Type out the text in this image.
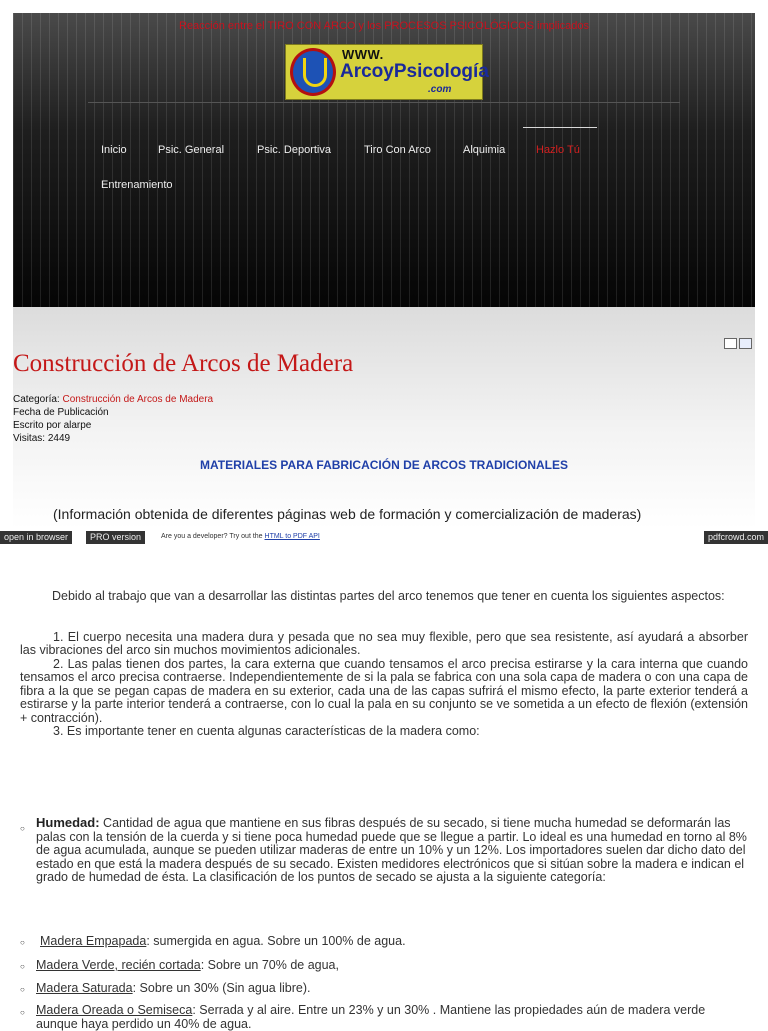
Reacción entre el TIRO CON ARCO y los PROCESOS PSICOLÓGICOS implicados
WWW.
ArcoyPsicología
.com
Inicio	Psic. General	Psic. Deportiva	Tiro Con Arco	Alquimia	Hazlo Tú
Entrenamiento
Construcción de Arcos de Madera
Categoría: Construcción de Arcos de Madera
Fecha de Publicación
Escrito por alarpe
Visitas: 2449
MATERIALES PARA FABRICACIÓN DE ARCOS TRADICIONALES
(Información obtenida de diferentes páginas web de formación y comercialización de maderas)
open in browser	PRO version	Are you a developer? Try out the HTML to PDF API	pdfcrowd.com

Debido al trabajo que van a desarrollar las distintas partes del arco tenemos que tener en cuenta los siguientes aspectos:

1. El cuerpo necesita una madera dura y pesada que no sea muy flexible, pero que sea resistente, así ayudará a absorber las vibraciones del arco sin muchos movimientos adicionales.

2. Las palas tienen dos partes, la cara externa que cuando tensamos el arco precisa estirarse y la cara interna que cuando tensamos el arco precisa contraerse. Independientemente de si la pala se fabrica con una sola capa de madera o con una capa de fibra a la que se pegan capas de madera en su exterior, cada una de las capas sufrirá el mismo efecto, la parte exterior tenderá a estirarse y la parte interior tenderá a contraerse, con lo cual la pala en su conjunto se ve sometida a un efecto de flexión (extensión + contracción).

3. Es importante tener en cuenta algunas características de la madera como:

○ Humedad: Cantidad de agua que mantiene en sus fibras después de su secado, si tiene mucha humedad se deformarán las palas con la tensión de la cuerda y si tiene poca humedad puede que se llegue a partir. Lo ideal es una humedad en torno al 8% de agua acumulada, aunque se pueden utilizar maderas de entre un 10% y un 12%. Los importadores suelen dar dicho dato del estado en que está la madera después de su secado. Existen medidores electrónicos que si sitúan sobre la madera e indican el grado de humedad de ésta. La clasificación de los puntos de secado se ajusta a la siguiente categoría:
○ Madera Empapada: sumergida en agua. Sobre un 100% de agua.
○ Madera Verde, recién cortada: Sobre un 70% de agua,
○ Madera Saturada: Sobre un 30% (Sin agua libre).
○ Madera Oreada o Semiseca: Serrada y al aire. Entre un 23% y un 30% . Mantiene las propiedades aún de madera verde aunque haya perdido un 40% de agua.
